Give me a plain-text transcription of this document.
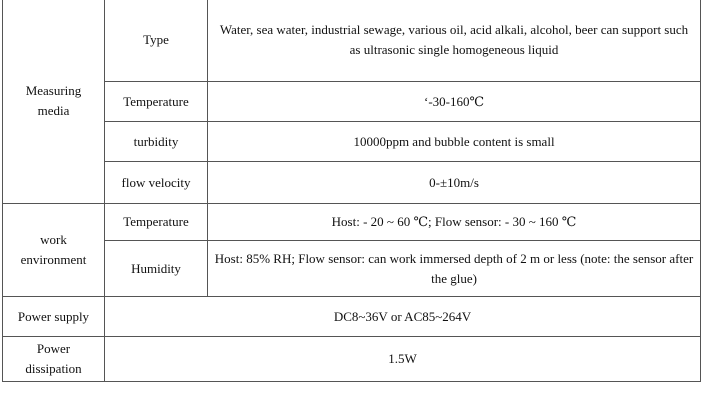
Measuring media	Type	Water, sea water, industrial sewage, various oil, acid alkali, alcohol, beer can support such as ultrasonic single homogeneous liquid
	Temperature	‘-30-160℃
	turbidity	10000ppm and bubble content is small
	flow velocity	0-±10m/s
work environment	Temperature	Host: - 20 ~ 60 ℃; Flow sensor: - 30 ~ 160 ℃
	Humidity	Host: 85% RH; Flow sensor: can work immersed depth of 2 m or less (note: the sensor after the glue)
Power supply	DC8~36V or AC85~264V	
Power dissipation	1.5W	
